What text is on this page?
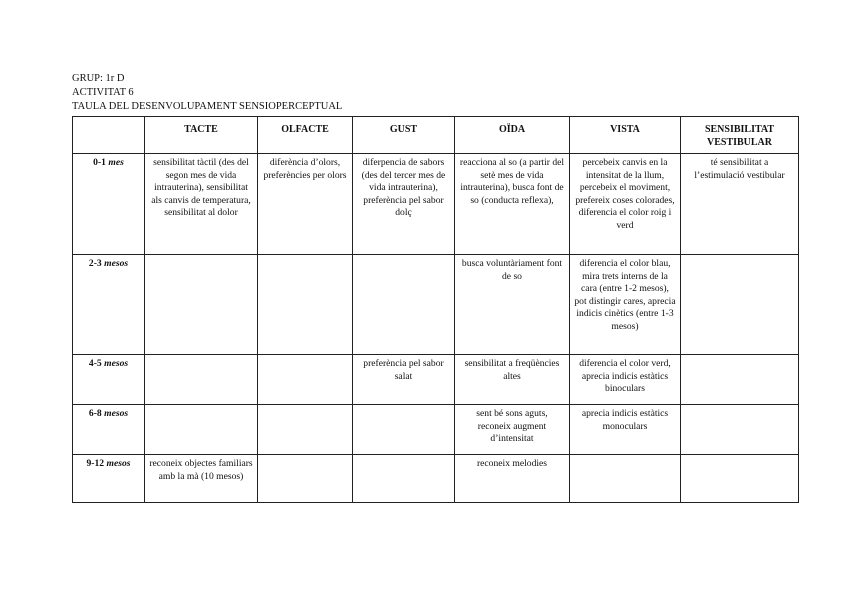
GRUP: 1r D
ACTIVITAT 6
TAULA DEL DESENVOLUPAMENT SENSIOPERCEPTUAL
	TACTE	OLFACTE	GUST	OÏDA	VISTA	SENSIBILITAT VESTIBULAR
0-1 mes	sensibilitat tàctil (des del segon mes de vida intrauterina), sensibilitat als canvis de temperatura, sensibilitat al dolor	diferència d’olors, preferències per olors	diferpencia de sabors (des del tercer mes de vida intrauterina), preferència pel sabor dolç	reacciona al so (a partir del setè mes de vida intrauterina), busca font de so (conducta reflexa),	percebeix canvis en la intensitat de la llum, percebeix el moviment, prefereix coses colorades, diferencia el color roig i verd	té sensibilitat a l’estimulació vestibular
2-3 mesos				busca voluntàriament font de so	diferencia el color blau, mira trets interns de la cara (entre 1-2 mesos), pot distingir cares, aprecia indicis cinètics (entre 1-3 mesos)	
4-5 mesos			preferència pel sabor salat	sensibilitat a freqüències altes	diferencia el color verd, aprecia indicis estàtics binoculars	
6-8 mesos				sent bé sons aguts, reconeix augment d’intensitat	aprecia indicis estàtics monoculars	
9-12 mesos	reconeix objectes familiars amb la mà (10 mesos)			reconeix melodies		
